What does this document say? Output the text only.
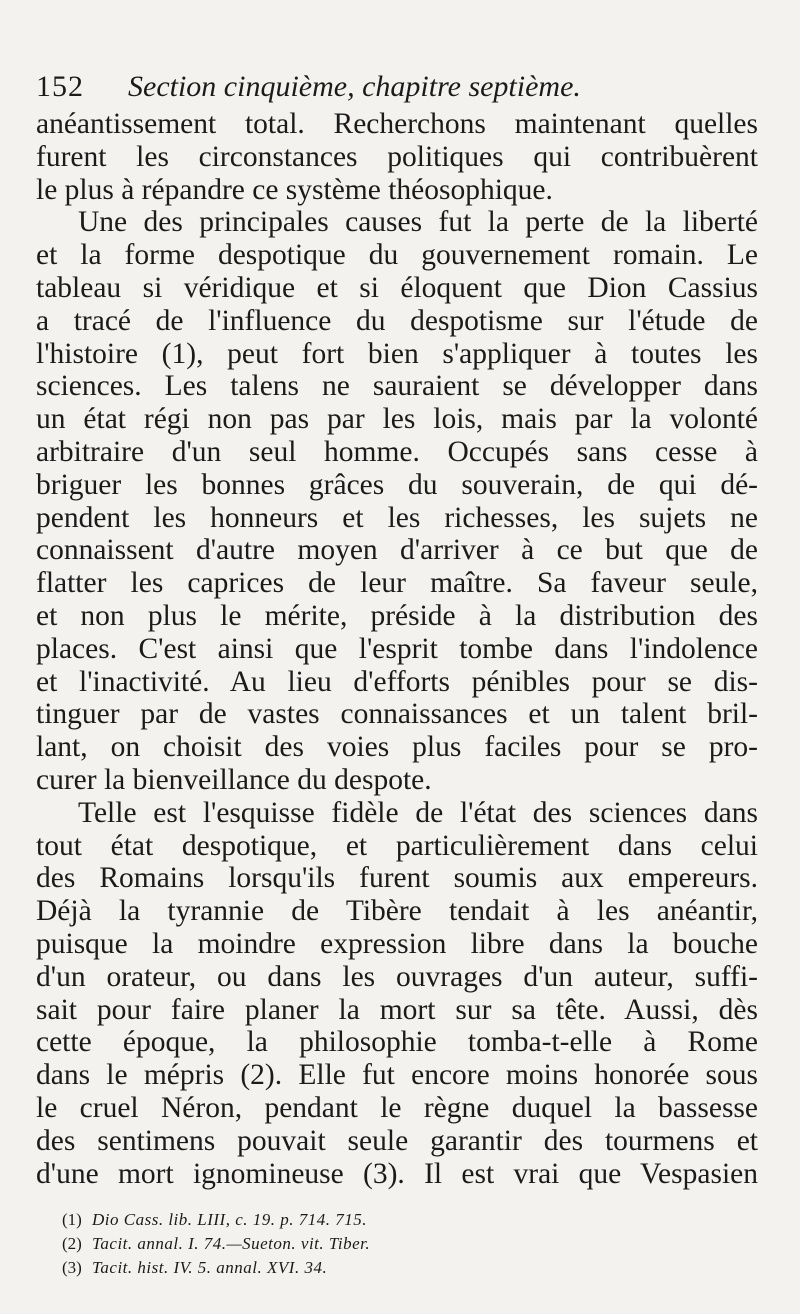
152 Section cinquième, chapitre septième.
anéantissement total. Recherchons maintenant quelles
furent les circonstances politiques qui contribuèrent
le plus à répandre ce système théosophique.
Une des principales causes fut la perte de la liberté
et la forme despotique du gouvernement romain. Le
tableau si véridique et si éloquent que Dion Cassius
a tracé de l'influence du despotisme sur l'étude de
l'histoire (1), peut fort bien s'appliquer à toutes les
sciences. Les talens ne sauraient se développer dans
un état régi non pas par les lois, mais par la volonté
arbitraire d'un seul homme. Occupés sans cesse à
briguer les bonnes grâces du souverain, de qui dé-
pendent les honneurs et les richesses, les sujets ne
connaissent d'autre moyen d'arriver à ce but que de
flatter les caprices de leur maître. Sa faveur seule,
et non plus le mérite, préside à la distribution des
places. C'est ainsi que l'esprit tombe dans l'indolence
et l'inactivité. Au lieu d'efforts pénibles pour se dis-
tinguer par de vastes connaissances et un talent bril-
lant, on choisit des voies plus faciles pour se pro-
curer la bienveillance du despote.
Telle est l'esquisse fidèle de l'état des sciences dans
tout état despotique, et particulièrement dans celui
des Romains lorsqu'ils furent soumis aux empereurs.
Déjà la tyrannie de Tibère tendait à les anéantir,
puisque la moindre expression libre dans la bouche
d'un orateur, ou dans les ouvrages d'un auteur, suffi-
sait pour faire planer la mort sur sa tête. Aussi, dès
cette époque, la philosophie tomba-t-elle à Rome
dans le mépris (2). Elle fut encore moins honorée sous
le cruel Néron, pendant le règne duquel la bassesse
des sentimens pouvait seule garantir des tourmens et
d'une mort ignomineuse (3). Il est vrai que Vespasien
(1) Dio Cass. lib. LIII, c. 19. p. 714. 715.
(2) Tacit. annal. I. 74.—Sueton. vit. Tiber.
(3) Tacit. hist. IV. 5. annal. XVI. 34.
